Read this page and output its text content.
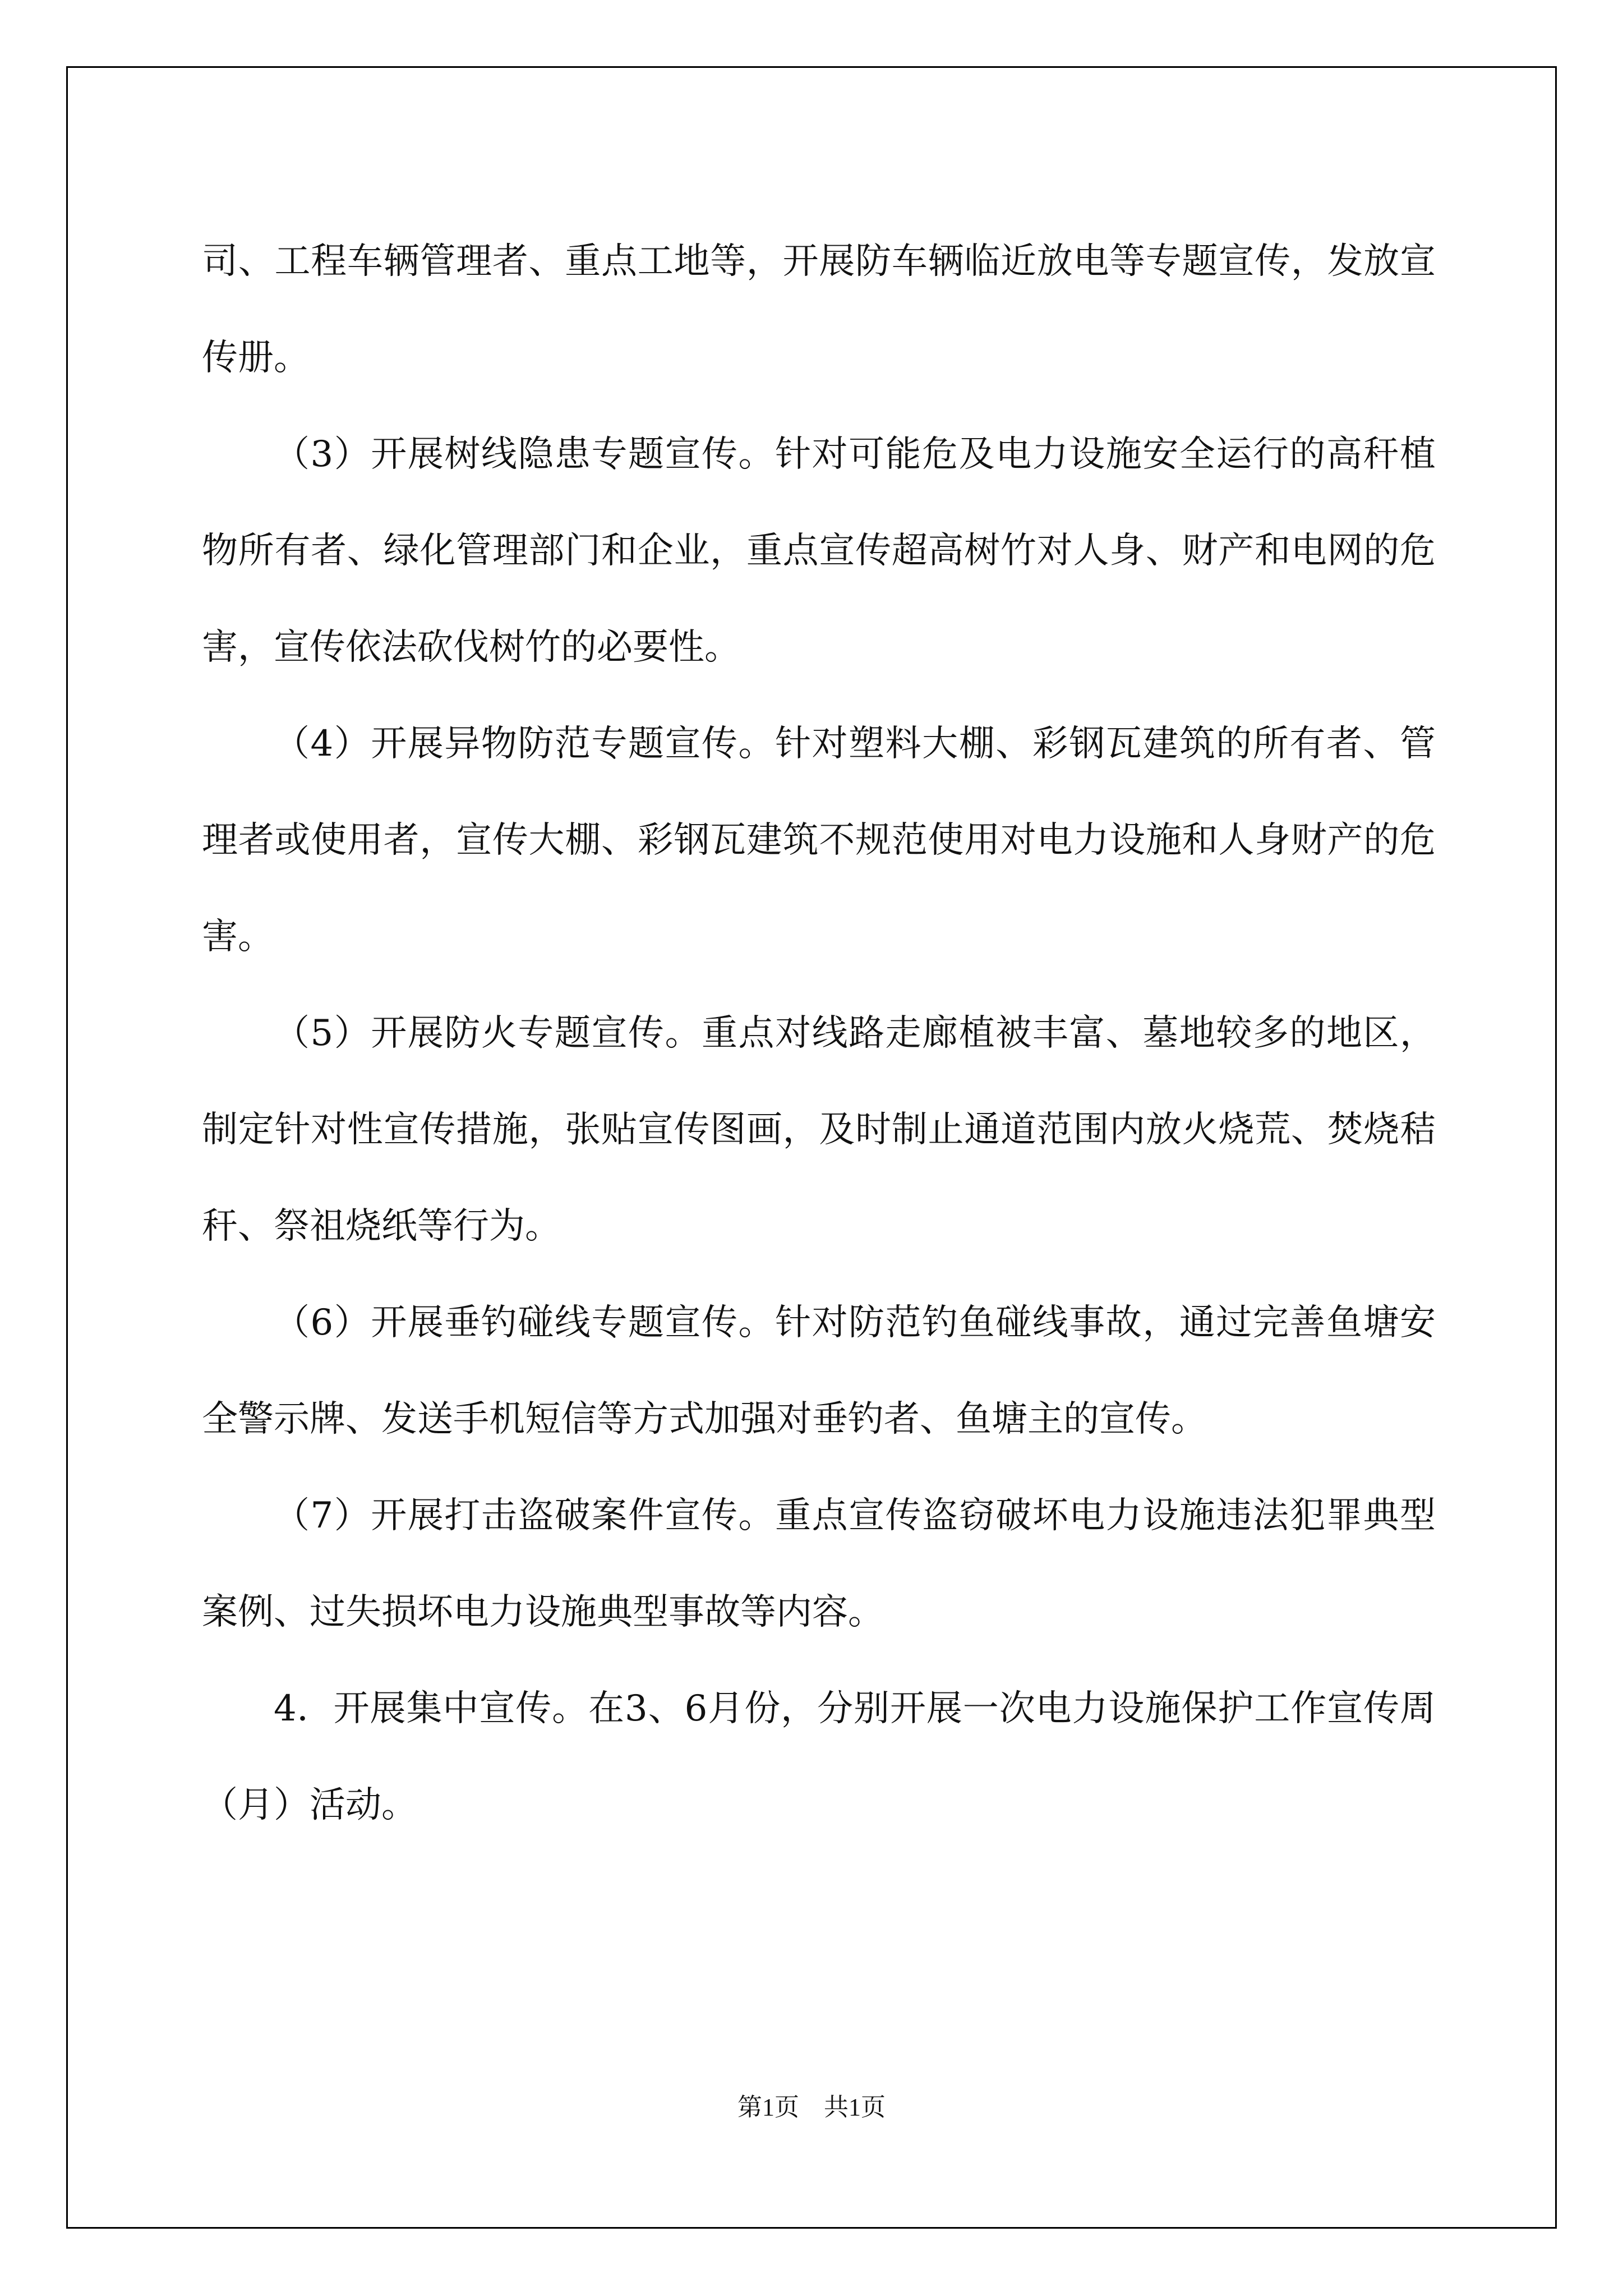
司、工程车辆管理者、重点工地等，开展防车辆临近放电等专题宣传，发放宣传册。

（3）开展树线隐患专题宣传。针对可能危及电力设施安全运行的高秆植物所有者、绿化管理部门和企业，重点宣传超高树竹对人身、财产和电网的危害，宣传依法砍伐树竹的必要性。

（4）开展异物防范专题宣传。针对塑料大棚、彩钢瓦建筑的所有者、管理者或使用者，宣传大棚、彩钢瓦建筑不规范使用对电力设施和人身财产的危害。

（5）开展防火专题宣传。重点对线路走廊植被丰富、墓地较多的地区，制定针对性宣传措施，张贴宣传图画，及时制止通道范围内放火烧荒、焚烧秸秆、祭祖烧纸等行为。

（6）开展垂钓碰线专题宣传。针对防范钓鱼碰线事故，通过完善鱼塘安全警示牌、发送手机短信等方式加强对垂钓者、鱼塘主的宣传。

（7）开展打击盗破案件宣传。重点宣传盗窃破坏电力设施违法犯罪典型案例、过失损坏电力设施典型事故等内容。

4．开展集中宣传。在3、6月份，分别开展一次电力设施保护工作宣传周（月）活动。

第1页　共1页
